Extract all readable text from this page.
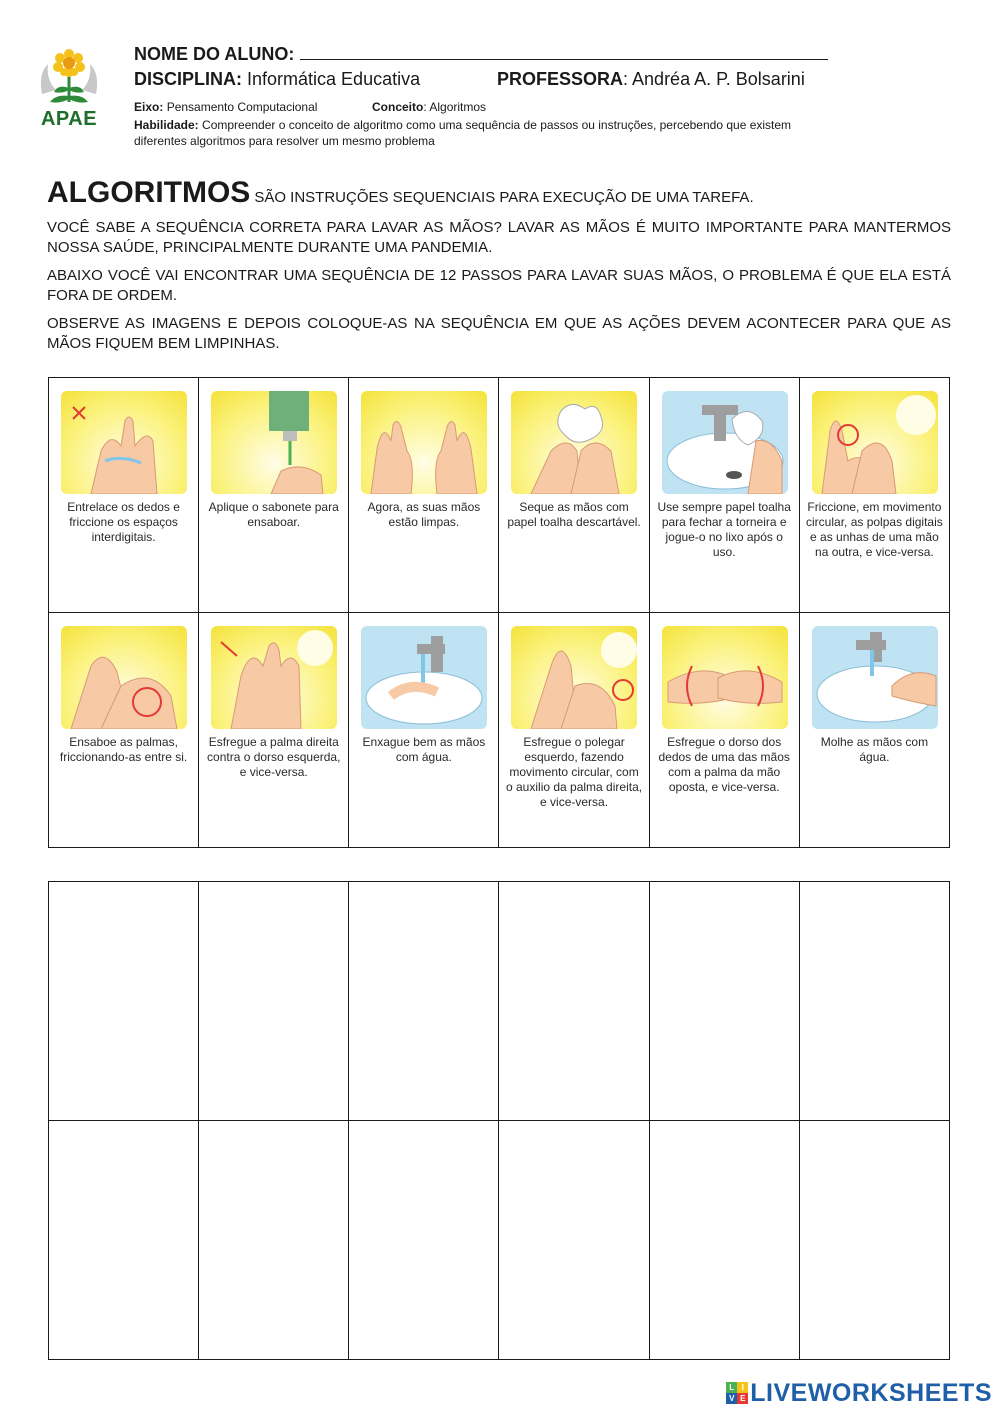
APAE
NOME DO ALUNO:
DISCIPLINA: Informática Educativa	PROFESSORA: Andréa A. P. Bolsarini
Eixo: Pensamento Computacional	Conceito: Algoritmos
Habilidade: Compreender o conceito de algoritmo como uma sequência de passos ou instruções, percebendo que existem diferentes algoritmos para resolver um mesmo problema
ALGORITMOS SÃO INSTRUÇÕES SEQUENCIAIS PARA EXECUÇÃO DE UMA TAREFA.
VOCÊ SABE A SEQUÊNCIA CORRETA PARA LAVAR AS MÃOS? LAVAR AS MÃOS É MUITO IMPORTANTE PARA MANTERMOS NOSSA SAÚDE, PRINCIPALMENTE DURANTE UMA PANDEMIA.
ABAIXO VOCÊ VAI ENCONTRAR UMA SEQUÊNCIA DE 12 PASSOS PARA LAVAR SUAS MÃOS, O PROBLEMA É QUE ELA ESTÁ FORA DE ORDEM.
OBSERVE AS IMAGENS E DEPOIS COLOQUE-AS NA SEQUÊNCIA EM QUE AS AÇÕES DEVEM ACONTECER PARA QUE AS MÃOS FIQUEM BEM LIMPINHAS.
Entrelace os dedos e friccione os espaços interdigitais.	Aplique o sabonete para ensaboar.	Agora, as suas mãos estão limpas.	Seque as mãos com papel toalha descartável.	Use sempre papel toalha para fechar a torneira e jogue-o no lixo após o uso.	Friccione, em movimento circular, as polpas digitais e as unhas de uma mão na outra, e vice-versa.

Ensaboe as palmas, friccionando-as entre si.	Esfregue a palma direita contra o dorso esquerda, e vice-versa.	Enxague bem as mãos com água.	Esfregue o polegar esquerdo, fazendo movimento circular, com o auxilio da palma direita, e vice-versa.	Esfregue o dorso dos dedos de uma das mãos com a palma da mão oposta, e vice-versa.	Molhe as mãos com água.

L I
V E LIVEWORKSHEETS
